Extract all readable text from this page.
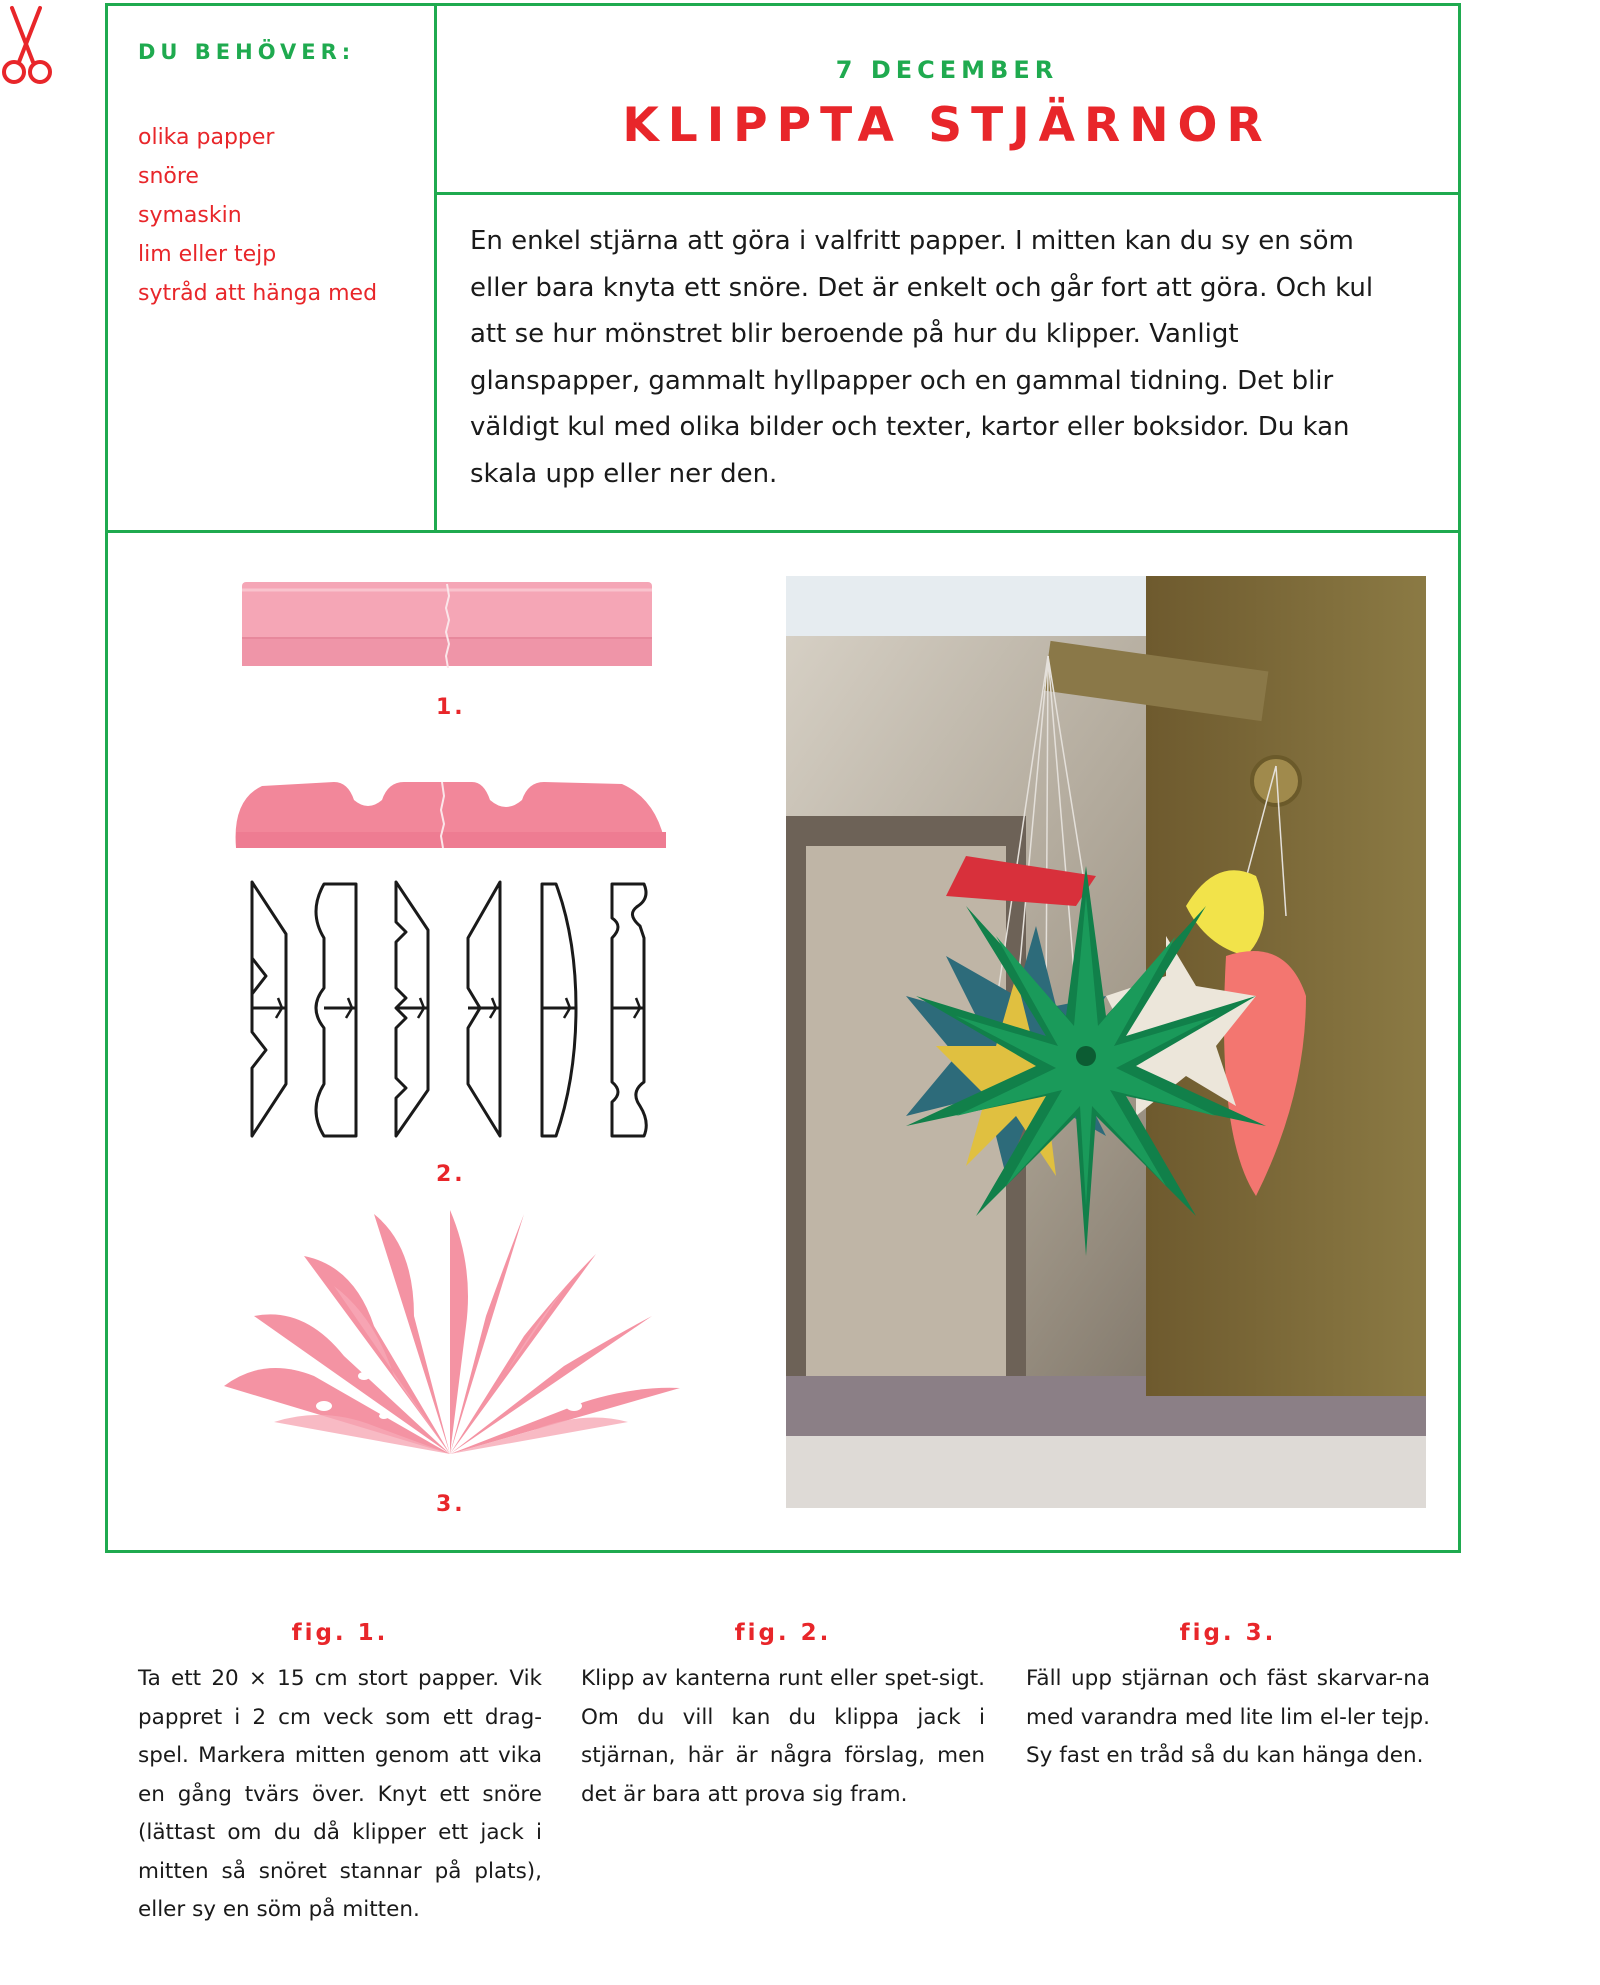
DU BEHÖVER:
olika papper
snöre
symaskin
lim eller tejp
sytråd att hänga med
7 DECEMBER
KLIPPTA STJÄRNOR
En enkel stjärna att göra i valfritt papper. I mitten kan du sy en söm eller bara knyta ett snöre. Det är enkelt och går fort att göra. Och kul att se hur mönstret blir beroende på hur du klipper. Vanligt glanspapper, gammalt hyllpapper och en gammal tidning. Det blir väldigt kul med olika bilder och texter, kartor eller boksidor. Du kan skala upp eller ner den.
1.
2.
3.
fig. 1.
Ta ett 20 × 15 cm stort papper. Vik pappret i 2 cm veck som ett drag-spel. Markera mitten genom att vika en gång tvärs över. Knyt ett snöre (lättast om du då klipper ett jack i mitten så snöret stannar på plats), eller sy en söm på mitten.
fig. 2.
Klipp av kanterna runt eller spet-sigt. Om du vill kan du klippa jack i stjärnan, här är några förslag, men det är bara att prova sig fram.
fig. 3.
Fäll upp stjärnan och fäst skarvar-na med varandra med lite lim el-ler tejp. Sy fast en tråd så du kan hänga den.
